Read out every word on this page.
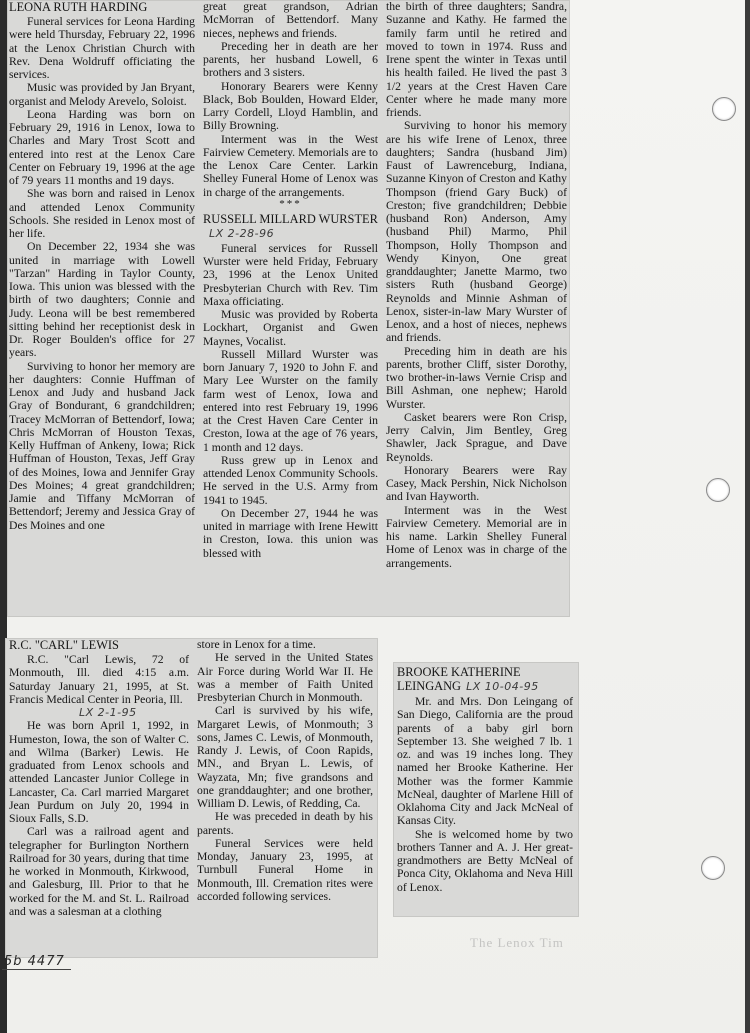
LEONA RUTH HARDING

Funeral services for Leona Harding were held Thursday, February 22, 1996 at the Lenox Christian Church with Rev. Dena Woldruff officiating the services.

Music was provided by Jan Bryant, organist and Melody Arevelo, Soloist.

Leona Harding was born on February 29, 1916 in Lenox, Iowa to Charles and Mary Trost Scott and entered into rest at the Lenox Care Center on February 19, 1996 at the age of 79 years 11 months and 19 days.

She was born and raised in Lenox and attended Lenox Community Schools. She resided in Lenox most of her life.

On December 22, 1934 she was united in marriage with Lowell "Tarzan" Harding in Taylor County, Iowa. This union was blessed with the birth of two daughters; Connie and Judy. Leona will be best remembered sitting behind her receptionist desk in Dr. Roger Boulden's office for 27 years.

Surviving to honor her memory are her daughters: Connie Huffman of Lenox and Judy and husband Jack Gray of Bondurant, 6 grandchildren; Tracey McMorran of Bettendorf, Iowa; Chris McMorran of Houston Texas, Kelly Huffman of Ankeny, Iowa; Rick Huffman of Houston, Texas, Jeff Gray of des Moines, Iowa and Jennifer Gray Des Moines; 4 great grandchildren; Jamie and Tiffany McMorran of Bettendorf; Jeremy and Jessica Gray of Des Moines and one

great great grandson, Adrian McMorran of Bettendorf. Many nieces, nephews and friends.

Preceding her in death are her parents, her husband Lowell, 6 brothers and 3 sisters.

Honorary Bearers were Kenny Black, Bob Boulden, Howard Elder, Larry Cordell, Lloyd Hamblin, and Billy Browning.

Interment was in the West Fairview Cemetery. Memorials are to the Lenox Care Center. Larkin Shelley Funeral Home of Lenox was in charge of the arrangements.

***

RUSSELL MILLARD WURSTER LX 2-28-96

Funeral services for Russell Wurster were held Friday, February 23, 1996 at the Lenox United Presbyterian Church with Rev. Tim Maxa officiating.

Music was provided by Roberta Lockhart, Organist and Gwen Maynes, Vocalist.

Russell Millard Wurster was born January 7, 1920 to John F. and Mary Lee Wurster on the family farm west of Lenox, Iowa and entered into rest February 19, 1996 at the Crest Haven Care Center in Creston, Iowa at the age of 76 years, 1 month and 12 days.

Russ grew up in Lenox and attended Lenox Community Schools. He served in the U.S. Army from 1941 to 1945.

On December 27, 1944 he was united in marriage with Irene Hewitt in Creston, Iowa. this union was blessed with

the birth of three daughters; Sandra, Suzanne and Kathy. He farmed the family farm until he retired and moved to town in 1974. Russ and Irene spent the winter in Texas until his health failed. He lived the past 3 1/2 years at the Crest Haven Care Center where he made many more friends.

Surviving to honor his memory are his wife Irene of Lenox, three daughters; Sandra (husband Jim) Faust of Lawrenceburg, Indiana, Suzanne Kinyon of Creston and Kathy Thompson (friend Gary Buck) of Creston; five grandchildren; Debbie (husband Ron) Anderson, Amy (husband Phil) Marmo, Phil Thompson, Holly Thompson and Wendy Kinyon, One great granddaughter; Janette Marmo, two sisters Ruth (husband George) Reynolds and Minnie Ashman of Lenox, sister-in-law Mary Wurster of Lenox, and a host of nieces, nephews and friends.

Preceding him in death are his parents, brother Cliff, sister Dorothy, two brother-in-laws Vernie Crisp and Bill Ashman, one nephew; Harold Wurster.

Casket bearers were Ron Crisp, Jerry Calvin, Jim Bentley, Greg Shawler, Jack Sprague, and Dave Reynolds.

Honorary Bearers were Ray Casey, Mack Pershin, Nick Nicholson and Ivan Hayworth.

Interment was in the West Fairview Cemetery. Memorial are in his name. Larkin Shelley Funeral Home of Lenox was in charge of the arrangements.

R.C. "CARL" LEWIS

R.C. "Carl Lewis, 72 of Monmouth, Ill. died 4:15 a.m. Saturday January 21, 1995, at St. Francis Medical Center in Peoria, Ill.

LX 2-1-95

He was born April 1, 1992, in Humeston, Iowa, the son of Walter C. and Wilma (Barker) Lewis. He graduated from Lenox schools and attended Lancaster Junior College in Lancaster, Ca. Carl married Margaret Jean Purdum on July 20, 1994 in Sioux Falls, S.D.

Carl was a railroad agent and telegrapher for Burlington Northern Railroad for 30 years, during that time he worked in Monmouth, Kirkwood, and Galesburg, Ill. Prior to that he worked for the M. and St. L. Railroad and was a salesman at a clothing

store in Lenox for a time.

He served in the United States Air Force during World War II. He was a member of Faith United Presbyterian Church in Monmouth.

Carl is survived by his wife, Margaret Lewis, of Monmouth; 3 sons, James C. Lewis, of Monmouth, Randy J. Lewis, of Coon Rapids, MN., and Bryan L. Lewis, of Wayzata, Mn; five grandsons and one granddaughter; and one brother, William D. Lewis, of Redding, Ca.

He was preceded in death by his parents.

Funeral Services were held Monday, January 23, 1995, at Turnbull Funeral Home in Monmouth, Ill. Cremation rites were accorded following services.

BROOKE KATHERINE LEINGANG LX 10-04-95

Mr. and Mrs. Don Leingang of San Diego, California are the proud parents of a baby girl born September 13. She weighed 7 lb. 1 oz. and was 19 inches long. They named her Brooke Katherine. Her Mother was the former Kammie McNeal, daughter of Marlene Hill of Oklahoma City and Jack McNeal of Kansas City.

She is welcomed home by two brothers Tanner and A. J. Her great-grandmothers are Betty McNeal of Ponca City, Oklahoma and Neva Hill of Lenox.

The Lenox Tim
5b 4477
